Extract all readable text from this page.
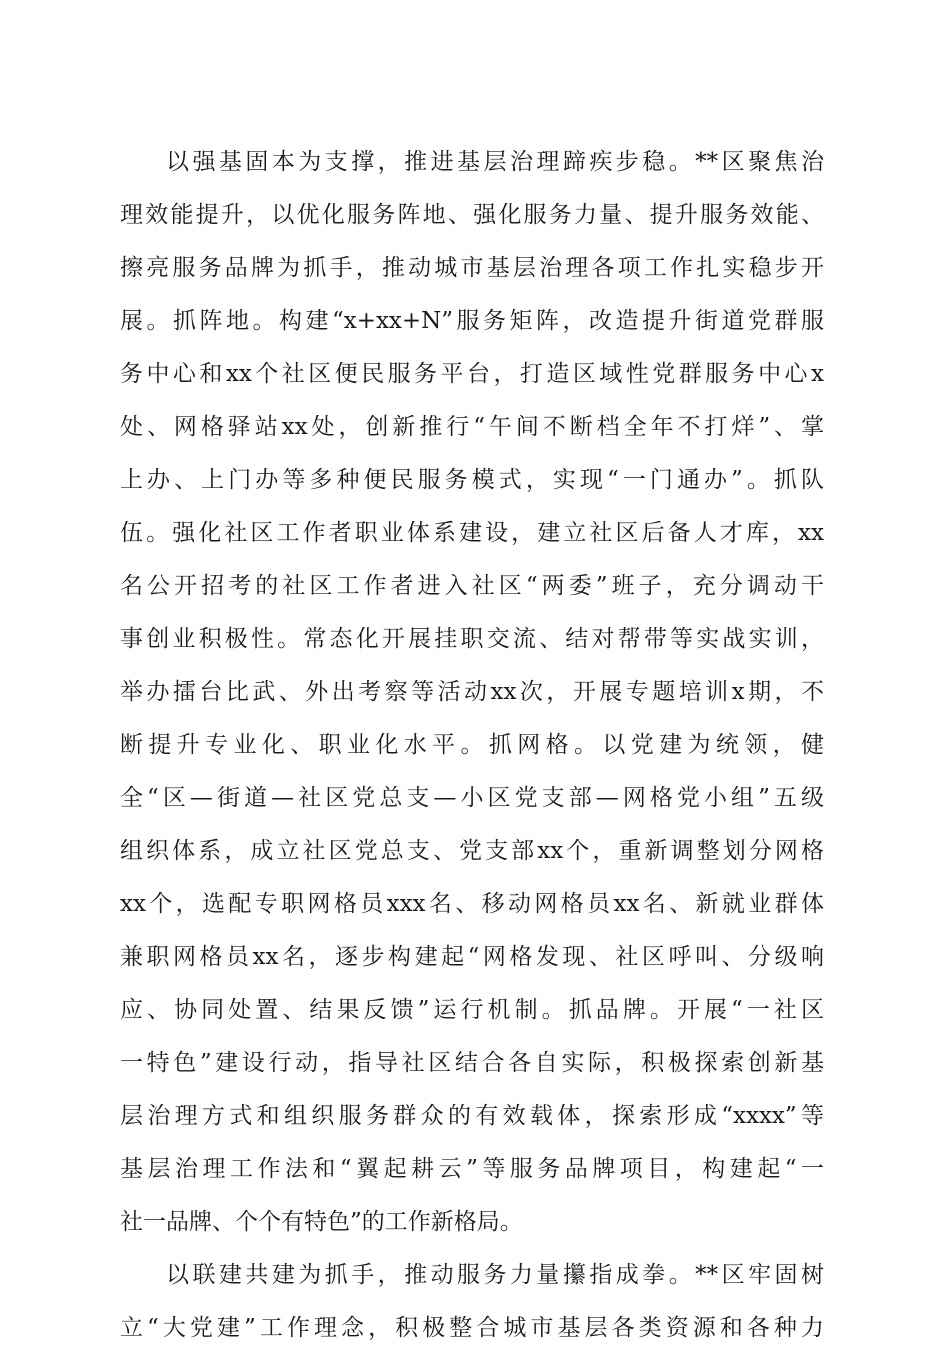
以强基固本为支撑，推进基层治理蹄疾步稳。**区聚焦治
理效能提升，以优化服务阵地、强化服务力量、提升服务效能、
擦亮服务品牌为抓手，推动城市基层治理各项工作扎实稳步开
展。抓阵地。构建“x+xx+N”服务矩阵，改造提升街道党群服
务中心和xx个社区便民服务平台，打造区域性党群服务中心x
处、网格驿站xx处，创新推行“午间不断档全年不打烊”、掌
上办、上门办等多种便民服务模式，实现“一门通办”。抓队
伍。强化社区工作者职业体系建设，建立社区后备人才库，xx
名公开招考的社区工作者进入社区“两委”班子，充分调动干
事创业积极性。常态化开展挂职交流、结对帮带等实战实训，
举办擂台比武、外出考察等活动xx次，开展专题培训x期，不
断提升专业化、职业化水平。抓网格。以党建为统领，健
全“区—街道—社区党总支—小区党支部—网格党小组”五级
组织体系，成立社区党总支、党支部xx个，重新调整划分网格
xx个，选配专职网格员xxx名、移动网格员xx名、新就业群体
兼职网格员xx名，逐步构建起“网格发现、社区呼叫、分级响
应、协同处置、结果反馈”运行机制。抓品牌。开展“一社区
一特色”建设行动，指导社区结合各自实际，积极探索创新基
层治理方式和组织服务群众的有效载体，探索形成“xxxx”等
基层治理工作法和“翼起耕云”等服务品牌项目，构建起“一
社一品牌、个个有特色”的工作新格局。
以联建共建为抓手，推动服务力量攥指成拳。**区牢固树
立“大党建”工作理念，积极整合城市基层各类资源和各种力
